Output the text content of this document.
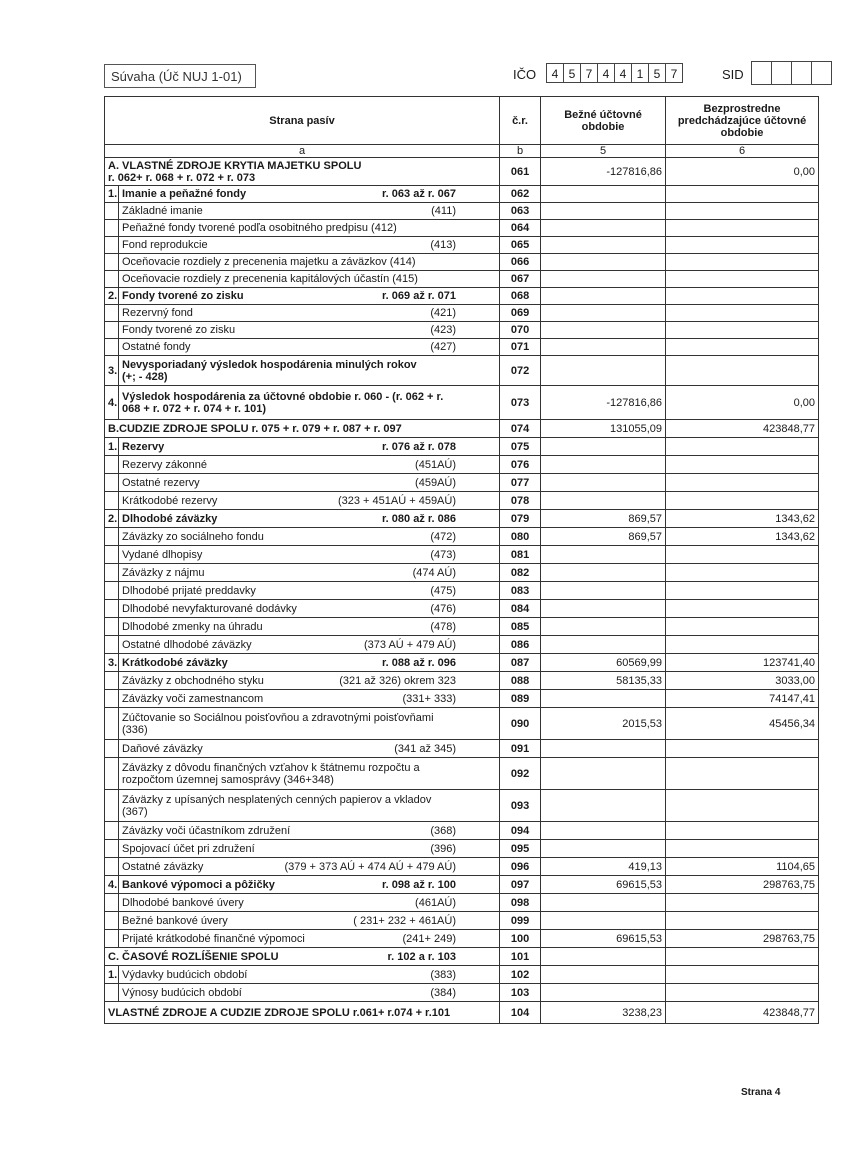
Súvaha (Úč NUJ 1-01)	IČO	4 5 7 4 4 1 5 7	SID
Strana pasív		č.r.	Bežné účtovné obdobie	Bezprostredne predchádzajúce účtovné obdobie
a		b	5	6

A. VLASTNÉ ZDROJE KRYTIA MAJETKU SPOLU
r. 062+ r. 068 + r. 072 + r. 073		061	-127816,86	0,00
1.	Imanie a peňažné fondy r. 063 až r. 067	062		

	Základné imanie (411)	063		

	Peňažné fondy tvorené podľa osobitného predpisu (412)	064		

	Fond reprodukcie (413)	065		

	Oceňovacie rozdiely z precenenia majetku a záväzkov (414)	066		

	Oceňovacie rozdiely z precenenia kapitálových účastín (415)	067		
2.	Fondy tvorené zo zisku r. 069 až r. 071	068		

	Rezervný fond (421)	069		

	Fondy tvorené zo zisku (423)	070		

	Ostatné fondy (427)	071		
3.	Nevysporiadaný výsledok hospodárenia minulých rokov
(+; - 428)	072		
4.	Výsledok hospodárenia za účtovné obdobie r. 060 - (r. 062 + r.
068 + r. 072 + r. 074 + r. 101)	073	-127816,86	0,00

B.CUDZIE ZDROJE SPOLU r. 075 + r. 079 + r. 087 + r. 097		074	131055,09	423848,77
1.	Rezervy r. 076 až r. 078	075		

	Rezervy zákonné (451AÚ)	076		

	Ostatné rezervy (459AÚ)	077		

	Krátkodobé rezervy (323 + 451AÚ + 459AÚ)	078		
2.	Dlhodobé záväzky r. 080 až r. 086	079	869,57	1343,62

	Záväzky zo sociálneho fondu (472)	080	869,57	1343,62

	Vydané dlhopisy (473)	081		

	Záväzky z nájmu (474 AÚ)	082		

	Dlhodobé prijaté preddavky (475)	083		

	Dlhodobé nevyfakturované dodávky (476)	084		

	Dlhodobé zmenky na úhradu (478)	085		

	Ostatné dlhodobé záväzky (373 AÚ + 479 AÚ)	086		
3.	Krátkodobé záväzky r. 088 až r. 096	087	60569,99	123741,40

	Záväzky z obchodného styku (321 až 326) okrem 323	088	58135,33	3033,00

	Záväzky voči zamestnancom (331+ 333)	089		74147,41

	Zúčtovanie so Sociálnou poisťovňou a zdravotnými poisťovňami
(336)	090	2015,53	45456,34

	Daňové záväzky (341 až 345)	091		

	Záväzky z dôvodu finančných vzťahov k štátnemu rozpočtu a
rozpočtom územnej samosprávy (346+348)	092		

	Záväzky z upísaných nesplatených cenných papierov a vkladov
(367)	093		

	Záväzky voči účastníkom združení (368)	094		

	Spojovací účet pri združení (396)	095		

	Ostatné záväzky (379 + 373 AÚ + 474 AÚ + 479 AÚ)	096	419,13	1104,65
4.	Bankové výpomoci a pôžičky r. 098 až r. 100	097	69615,53	298763,75

	Dlhodobé bankové úvery (461AÚ)	098		

	Bežné bankové úvery ( 231+ 232 + 461AÚ)	099		

	Prijaté krátkodobé finančné výpomoci (241+ 249)	100	69615,53	298763,75

C. ČASOVÉ ROZLÍŠENIE SPOLU r. 102 a r. 103		101		
1.	Výdavky budúcich období (383)	102		

	Výnosy budúcich období (384)	103		

VLASTNÉ ZDROJE A CUDZIE ZDROJE SPOLU r.061+ r.074 + r.101		104	3238,23	423848,77
Strana 4
